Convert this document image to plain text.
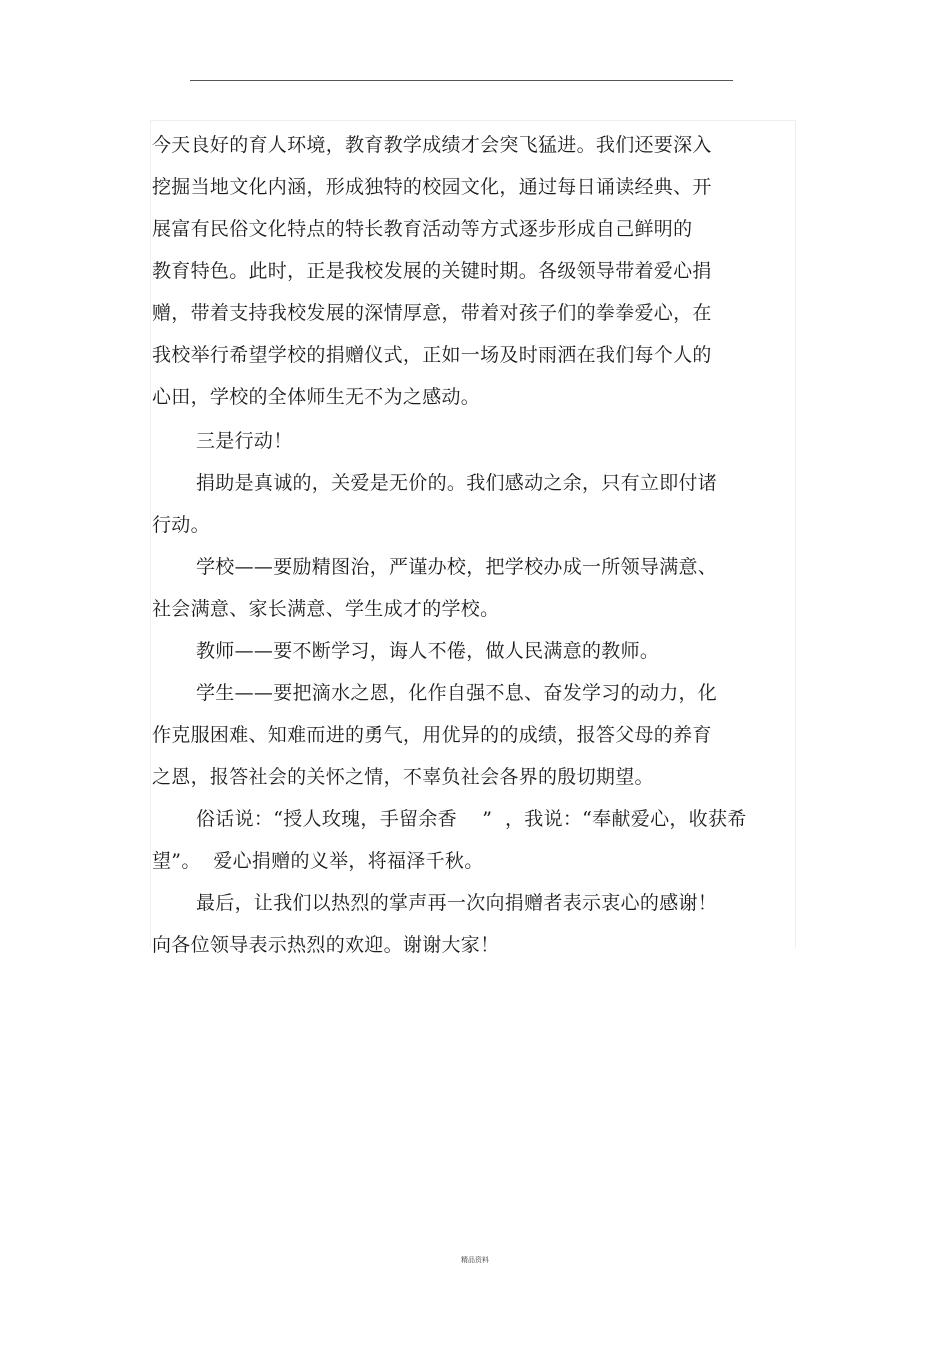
今天良好的育人环境，教育教学成绩才会突飞猛进。我们还要深入
挖掘当地文化内涵，形成独特的校园文化，通过每日诵读经典、开
展富有民俗文化特点的特长教育活动等方式逐步形成自己鲜明的
教育特色。此时，正是我校发展的关键时期。各级领导带着爱心捐
赠，带着支持我校发展的深情厚意，带着对孩子们的拳拳爱心，在
我校举行希望学校的捐赠仪式，正如一场及时雨洒在我们每个人的
心田，学校的全体师生无不为之感动。
三是行动！
捐助是真诚的，关爱是无价的。我们感动之余，只有立即付诸
行动。
学校——要励精图治，严谨办校，把学校办成一所领导满意、
社会满意、家长满意、学生成才的学校。
教师——要不断学习，诲人不倦，做人民满意的教师。
学生——要把滴水之恩，化作自强不息、奋发学习的动力，化
作克服困难、知难而进的勇气，用优异的的成绩，报答父母的养育
之恩，报答社会的关怀之情，不辜负社会各界的殷切期望。
俗话说：“授人玫瑰，手留余香    ”  ，我说：“奉献爱心，收获希
望”。  爱心捐赠的义举，将福泽千秋。
最后，让我们以热烈的掌声再一次向捐赠者表示衷心的感谢！
向各位领导表示热烈的欢迎。谢谢大家！
精品资料
